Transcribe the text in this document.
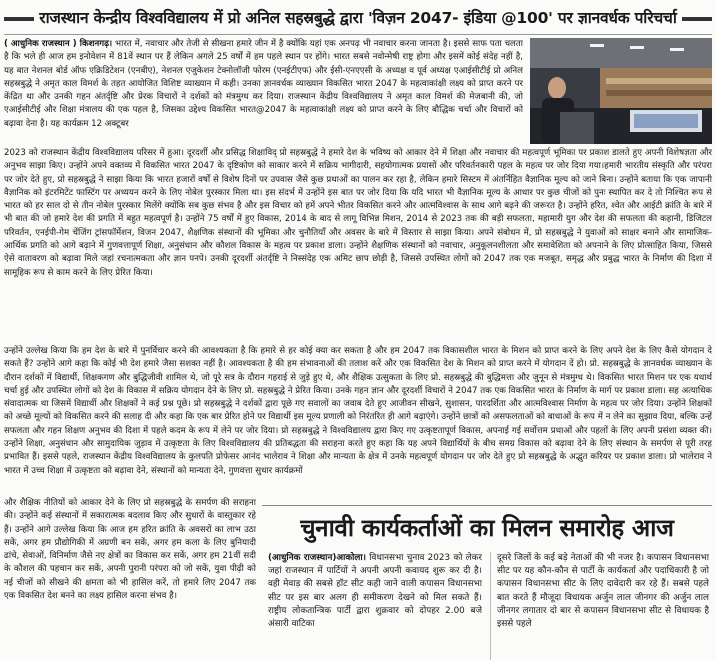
राजस्थान केन्द्रीय विश्वविद्यालय में प्रो अनिल सहस्रबुद्धे द्वारा 'विज़न 2047- इंडिया @100' पर ज्ञानवर्धक परिचर्चा

( आधुनिक राजस्थान ) किशनगढ़। भारत में, नवाचार और तेजी से सीखना हमारे जीन में है क्योंकि यहां एक अनपढ़ भी नवाचार करना जानता है। इससे साफ पता चलता है कि भले ही आज हम इनोवेशन में 81वें स्थान पर हैं लेकिन अगले 25 वर्षों में हम पहले स्थान पर होंगे। भारत सबसे नवोन्मेषी राष्ट्र होगा और इसमें कोई संदेह नहीं है, यह बात नेशनल बोर्ड ऑफ एक्रिडिटेशन (एनबीए), नेशनल एजुकेशन टेक्नोलॉजी फोरम (एनईटीएफ) और ईसी-एनएएसी के अध्यक्ष व पूर्व अध्यक्ष एआईसीटीई प्रो अनिल सहस्रबुद्धे ने अमृत काल विमर्श के तहत आयोजित विशिष्ट व्याख्यान में कही। उनका ज्ञानवर्धक व्याख्यान विकसित भारत 2047 के महत्वाकांक्षी लक्ष्य को प्राप्त करने पर केंद्रित था और उनकी गहन अंतर्दृष्टि और प्रेरक विचारों ने दर्शकों को मंत्रमुग्ध कर दिया। राजस्थान केंद्रीय विश्वविद्यालय ने अमृत काल विमर्श की मेजबानी की, जो एआईसीटीई और शिक्षा मंत्रालय की एक पहल है, जिसका उद्देश्य विकसित भारत@2047 के महत्वाकांक्षी लक्ष्य को प्राप्त करने के लिए बौद्धिक चर्चा और विचारों को बढ़ावा देना है। यह कार्यक्रम 12 अक्टूबर

2023 को राजस्थान केंद्रीय विश्वविद्यालय परिसर में हुआ। दूरदर्शी और प्रसिद्ध शिक्षाविद् प्रो सहस्रबुद्धे ने हमारे देश के भविष्य को आकार देने में शिक्षा और नवाचार की महत्वपूर्ण भूमिका पर प्रकाश डालते हुए अपनी विशेषज्ञता और अनुभव साझा किए। उन्होंने अपने वक्तव्य में विकसित भारत 2047 के दृष्टिकोण को साकार करने में सक्रिय भागीदारी, सहयोगात्मक प्रयासों और परिवर्तनकारी पहल के महत्व पर जोर दिया गया।हमारी भारतीय संस्कृति और परंपरा पर जोर देते हुए, प्रो सहस्रबुद्धे ने साझा किया कि भारत हजारों वर्षों से विशेष दिनों पर उपवास जैसे कुछ प्रथाओं का पालन कर रहा है, लेकिन हमारे सिस्टम में अंतर्निहित वैज्ञानिक मूल्य को जाने बिना। उन्होंने बताया कि एक जापानी वैज्ञानिक को इंटरमिटेंट फास्टिंग पर अध्ययन करने के लिए नोबेल पुरस्कार मिला था। इस संदर्भ में उन्होंने इस बात पर जोर दिया कि यदि भारत भी वैज्ञानिक मूल्य के आधार पर कुछ चीजों को पुनः स्थापित कर दे तो निश्चित रूप से भारत को हर साल दो से तीन नोबेल पुरस्कार मिलेंगे क्योंकि सब कुछ संभव है और इस विचार को हमें अपने भीतर विकसित करने और आत्मविश्वास के साथ आगे बढ़ने की जरूरत है। उन्होंने हरित, श्वेत और आईटी क्रांति के बारे में भी बात की जो हमारे देश की प्रगति में बहुत महत्वपूर्ण है। उन्होंने 75 वर्षों में हुए विकास, 2014 के बाद से लागू विभिन्न मिशन, 2014 से 2023 तक की बड़ी सफलता, महामारी युग और देश की सफलता की कहानी, डिजिटल परिवर्तन, एनईपी-गेम चेंजिंग ट्रांसफॉर्मेशन, विजन 2047, शैक्षणिक संस्थानों की भूमिका और चुनौतियाँ और अवसर के बारे में विस्तार से साझा किया। अपने संबोधन में, प्रो सहस्रबुद्धे ने युवाओं को साक्षर बनाने और सामाजिक-आर्थिक प्रगति को आगे बढ़ाने में गुणवत्तापूर्ण शिक्षा, अनुसंधान और कौशल विकास के महत्व पर प्रकाश डाला। उन्होंने शैक्षणिक संस्थानों को नवाचार, अनुकूलनशीलता और समावेशिता को अपनाने के लिए प्रोत्साहित किया, जिससे ऐसे वातावरण को बढ़ावा मिले जहां रचनात्मकता और ज्ञान पनपे। उनकी दूरदर्शी अंतर्दृष्टि ने निस्संदेह एक अमिट छाप छोड़ी है, जिससे उपस्थित लोगों को 2047 तक एक मजबूत, समृद्ध और प्रबुद्ध भारत के निर्माण की दिशा में सामूहिक रूप से काम करने के लिए प्रेरित किया।

उन्होंने उल्लेख किया कि हम देश के बारे में पुनर्विचार करने की आवश्यकता है कि हमारे से हर कोई क्या कर सकता है और हम 2047 तक विकासशील भारत के मिशन को प्राप्त करने के लिए अपने देश के लिए कैसे योगदान दे सकते हैं? उन्होंने आगे कहा कि कोई भी देश हमारे जैसा सशक्त नहीं है। आवश्यकता है की हम संभावनाओं की तलाश करें और एक विकसित देश के मिशन को प्राप्त करने में योगदान दें हो। प्रो. सहस्रबुद्धे के ज्ञानवर्धक व्याख्यान के दौरान दर्शकों में विद्यार्थी, शिक्षकगण और बुद्धिजीवी शामिल थे, जो पूरे सत्र के दौरान गहराई से जुड़े हुए थे, और शैक्षिक उत्सुकता के लिए प्रो. सहस्रबुद्धे की बुद्धिमत्ता और जुनून से मंत्रमुग्ध थे। विकसित भारत मिशन पर एक यथार्थ चर्चा हुई और उपस्थित लोगों को देश के विकास में सक्रिय योगदान देने के लिए प्रो. सहस्रबुद्धे ने प्रेरित किया। उनके गहन ज्ञान और दूरदर्शी विचारों ने 2047 तक एक विकसित भारत के निर्माण के मार्ग पर प्रकाश डाला। सह अत्याधिक संवादात्मक था जिसमें विद्यार्थी और शिक्षकों ने कई प्रश्न पूछे। प्रो सहस्रबुद्धे ने दर्शकों द्वारा पूछे गए सवालों का जवाब देते हुए आजीवन सीखने, सुशासन, पारदर्शिता और आत्मविश्वास निर्माण के महत्व पर जोर दिया। उन्होंने शिक्षकों को अच्छे मूल्यों को विकसित करने की सलाह दी और कहा कि एक बार प्रेरित होने पर विद्यार्थी इस मूल्य प्रणाली को निरंतरित ही आगे बढ़ाएंगे। उन्होंने छात्रों को असफलताओं को बाधाओं के रूप में न लेने का सुझाव दिया, बल्कि उन्हें सफलता और गहन शिक्षण अनुभव की दिशा में पहले कदम के रूप में लेने पर जोर दिया। प्रो सहस्रबुद्धे ने विश्वविद्यालय द्वारा किए गए उत्कृष्टतापूर्ण विकास, अपनाई गई सर्वोत्तम प्रथाओं और पहलों के लिए अपनी प्रसंशा व्यक्त की। उन्होंने शिक्षा, अनुसंधान और सामुदायिक जुड़ाव में उत्कृष्टता के लिए विश्वविद्यालय की प्रतिबद्धता की सराहना करते हुए कहा कि यह अपने विद्यार्थियों के बीच समग्र विकास को बढ़ावा देने के लिए संस्थान के समर्पण से पूरी तरह प्रभावित हैं। इससे पहले, राजस्थान केंद्रीय विश्वविद्यालय के कुलपति प्रोफेसर आनंद भालेराव ने शिक्षा और मान्यता के क्षेत्र में उनके महत्वपूर्ण योगदान पर जोर देते हुए प्रो सहस्रबुद्धे के अद्भुत करियर पर प्रकाश डाला। प्रो भालेराव ने भारत में उच्च शिक्षा में उत्कृष्टता को बढ़ावा देने, संस्थानों को मान्यता देने, गुणवत्ता सुधार कार्यक्रमों

और शैक्षिक नीतियों को आकार देने के लिए प्रो सहस्रबुद्धे के समर्पण की सराहना की। उन्होंने कई संस्थानों में सकारात्मक बदलाव किए और सुधारों के वास्तुकार रहे हैं। उन्होंने आगे उल्लेख किया कि आज हम हरित क्रांति के अवसरों का लाभ उठा सकें, अगर हम प्रौद्योगिकी में अग्रणी बन सकें, अगर हम कला के लिए बुनियादी ढांचे, सेवाओं, विनिर्माण जैसे नए क्षेत्रों का विकास कर सकें, अगर हम 21वीं सदी के कौशल की पहचान कर सकें, अपनी पुरानी परंपरा को जो सकें, युवा पीढ़ी को नई चीजों को सीखने की क्षमता को भी हासिल करें, तो हमारे लिए 2047 तक एक विकसित देश बनने का लक्ष्य हासिल करना संभव है।

चुनावी कार्यकर्ताओं का मिलन समारोह आज
(आधुनिक राजस्थान)आकोला। विधानसभा चुनाव 2023 को लेकर जहां राजस्थान में पार्टियों ने अपनी अपनी कवायद शुरू कर दी है। वही मेवाड़ की सबसे हॉट सीट कही जाने वाली कपासन विधानसभा सीट पर इस बार अलग ही समीकरण देखने को मिल सकते हैं। राष्ट्रीय लोकतान्त्रिक पार्टी द्वारा शुक्रवार को दोपहर 2.00 बजे अंसारी वाटिका
दूसरे जिलों के कई बड़े नेताओं की भी नजर है। कपासन विधानसभा सीट पर यह कौन-कौन से पार्टी के कार्यकर्ता और पदाधिकारी है जो कपासन विधानसभा सीट के लिए दावेदारी कर रहे हैं। सबसे पहले बात करते हैं मौजूदा विधायक अर्जुन लाल जीनगर की अर्जुन लाल जीनगर लगातार दो बार से कपासन विधानसभा सीट से विधायक है इससे पहले
